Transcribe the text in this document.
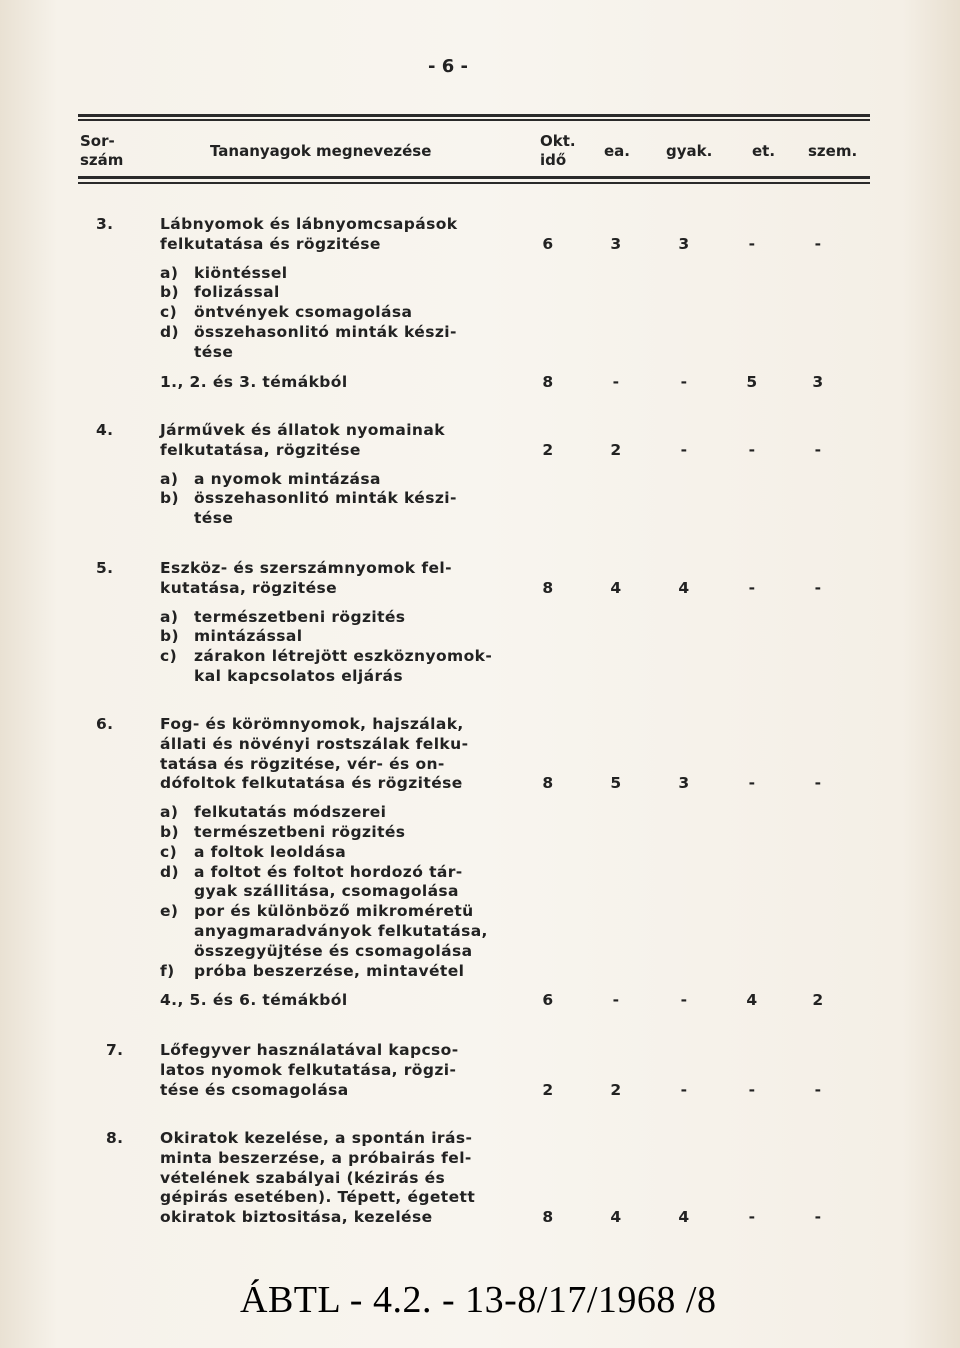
- 6 -
Sor-
szám	Tananyagok megnevezése
Okt.
idő	ea. gyak.	et. szem.
3.	Lábnyomok és lábnyomcsapások
felkutatása és rögzitése	6	3	3	-	-
a) kiöntéssel
b) folizással
c) öntvények csomagolása
d) összehasonlitó minták készi-
tése
1., 2. és 3. témákból	8	-	-	5	3
4.	Járművek és állatok nyomainak
felkutatása, rögzitése	2	2	-	-	-
a) a nyomok mintázása
b) összehasonlitó minták készi-
tése
5.	Eszköz- és szerszámnyomok fel-
kutatása, rögzitése	8	4	4	-	-
a) természetbeni rögzités
b) mintázással
c) zárakon létrejött eszköznyomok-
kal kapcsolatos eljárás
6.	Fog- és körömnyomok, hajszálak,
állati és növényi rostszálak felku-
tatása és rögzitése, vér- és on-
dófoltok felkutatása és rögzitése	8	5	3	-	-
a) felkutatás módszerei
b) természetbeni rögzités
c) a foltok leoldása
d) a foltot és foltot hordozó tár-
gyak szállitása, csomagolása
e) por és különböző mikroméretü
anyagmaradványok felkutatása,
összegyüjtése és csomagolása
f) próba beszerzése, mintavétel
4., 5. és 6. témákból	6	-	-	4	2
7. Lőfegyver használatával kapcso-
latos nyomok felkutatása, rögzi-
tése és csomagolása	2	2	-	-	-
8. Okiratok kezelése, a spontán irás-
minta beszerzése, a próbairás fel-
vételének szabályai (kézirás és
gépirás esetében). Tépett, égetett
okiratok biztositása, kezelése	8	4	4	-	-
ÁBTL - 4.2. - 13-8/17/1968 /8
